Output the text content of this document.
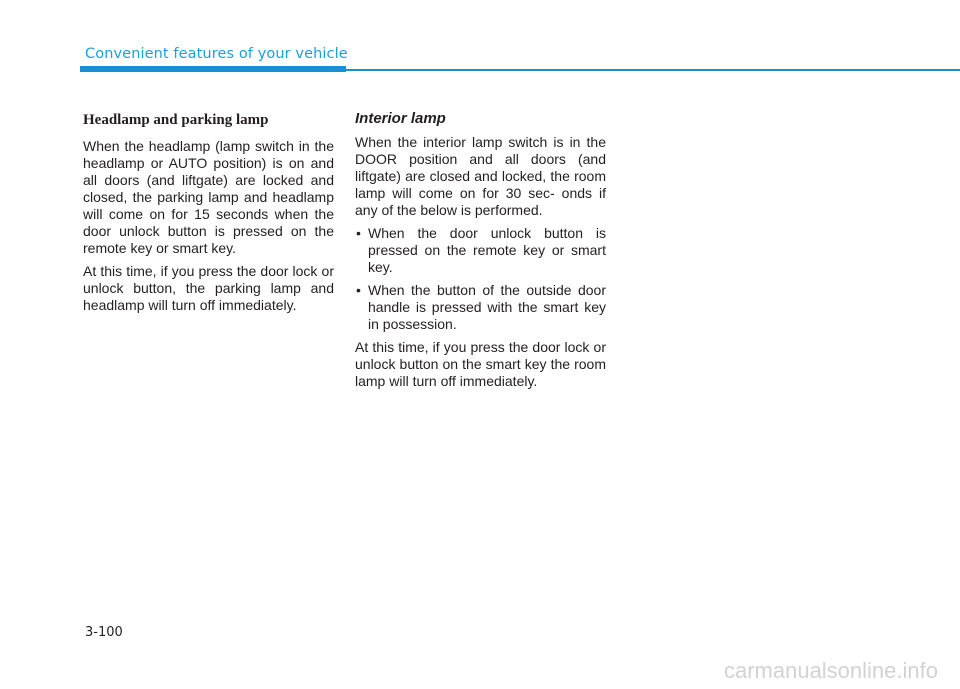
Convenient features of your vehicle
Headlamp and parking lamp

When the headlamp (lamp switch in the headlamp or AUTO position) is on and all doors (and liftgate) are locked and closed, the parking lamp and headlamp will come on for 15 seconds when the door unlock button is pressed on the remote key or smart key.

At this time, if you press the door lock or unlock button, the parking lamp and headlamp will turn off immediately.

Interior lamp

When the interior lamp switch is in the DOOR position and all doors (and liftgate) are closed and locked, the room lamp will come on for 30 sec- onds if any of the below is performed.

• When the door unlock button is pressed on the remote key or smart key.
• When the button of the outside door handle is pressed with the smart key in possession.

At this time, if you press the door lock or unlock button on the smart key the room lamp will turn off immediately.

3-100
carmanualsonline.info
